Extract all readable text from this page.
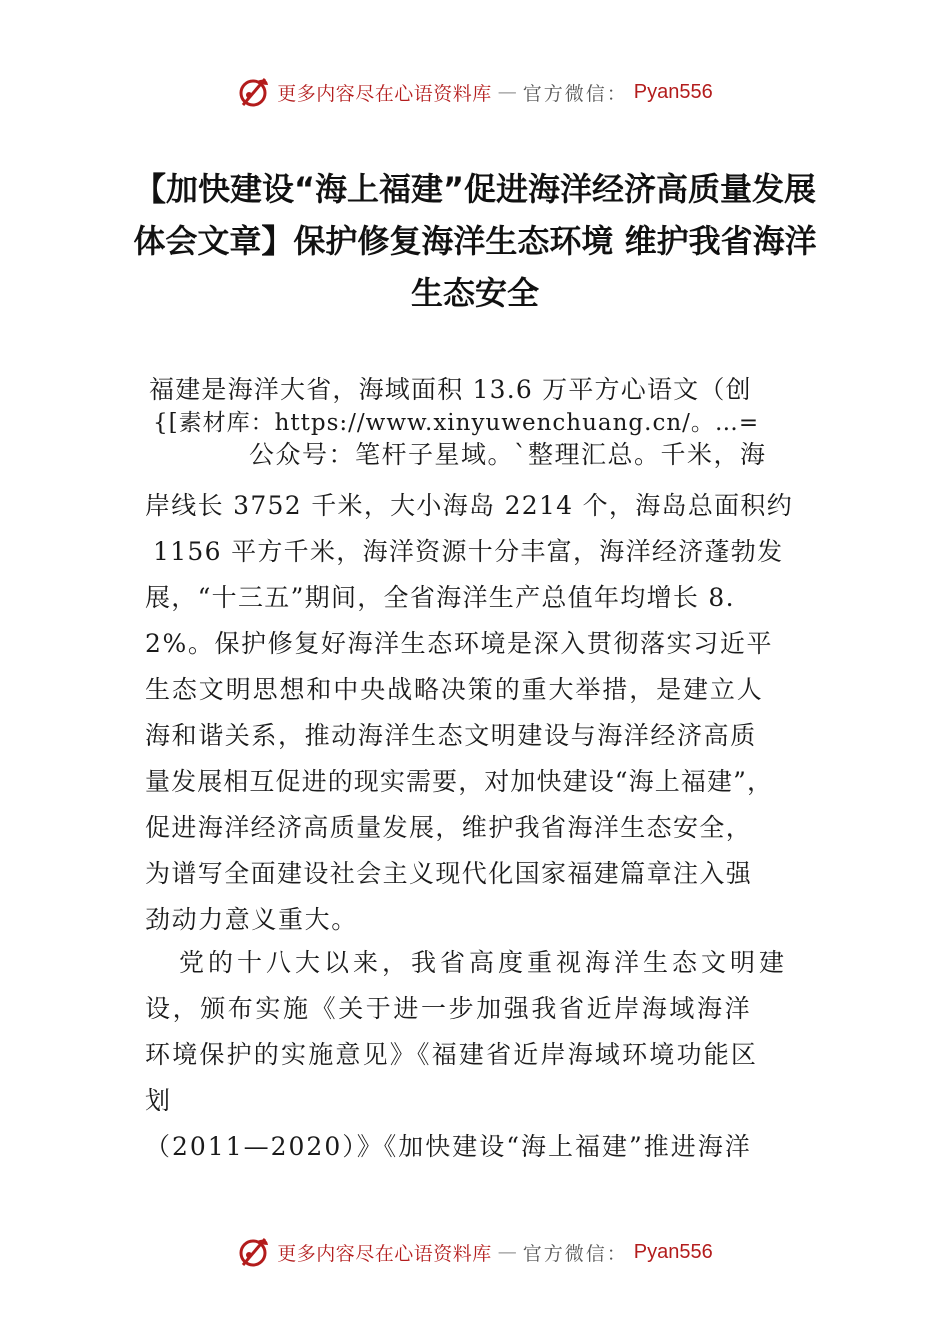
更多内容尽在心语资料库 — 官方微信： Pyan556
【加快建设“海上福建”促进海洋经济高质量发展体会文章】保护修复海洋生态环境 维护我省海洋生态安全
福建是海洋大省，海域面积 13.6 万平方心语文（创
{[素材库：https://www.xinyuwenchuang.cn/。…=
公众号：笔杆子星域。`整理汇总。千米，海
岸线长 3752 千米，大小海岛 2214 个，海岛总面积约
1156 平方千米，海洋资源十分丰富，海洋经济蓬勃发
展，“十三五”期间，全省海洋生产总值年均增长 8.
2%。保护修复好海洋生态环境是深入贯彻落实习近平
生态文明思想和中央战略决策的重大举措，是建立人
海和谐关系，推动海洋生态文明建设与海洋经济高质
量发展相互促进的现实需要，对加快建设“海上福建”，
促进海洋经济高质量发展，维护我省海洋生态安全，
为谱写全面建设社会主义现代化国家福建篇章注入强
劲动力意义重大。
党的十八大以来，我省高度重视海洋生态文明建
设，颁布实施《关于进一步加强我省近岸海域海洋
环境保护的实施意见》《福建省近岸海域环境功能区
划
（2011—2020）》《加快建设“海上福建”推进海洋
更多内容尽在心语资料库 — 官方微信： Pyan556
